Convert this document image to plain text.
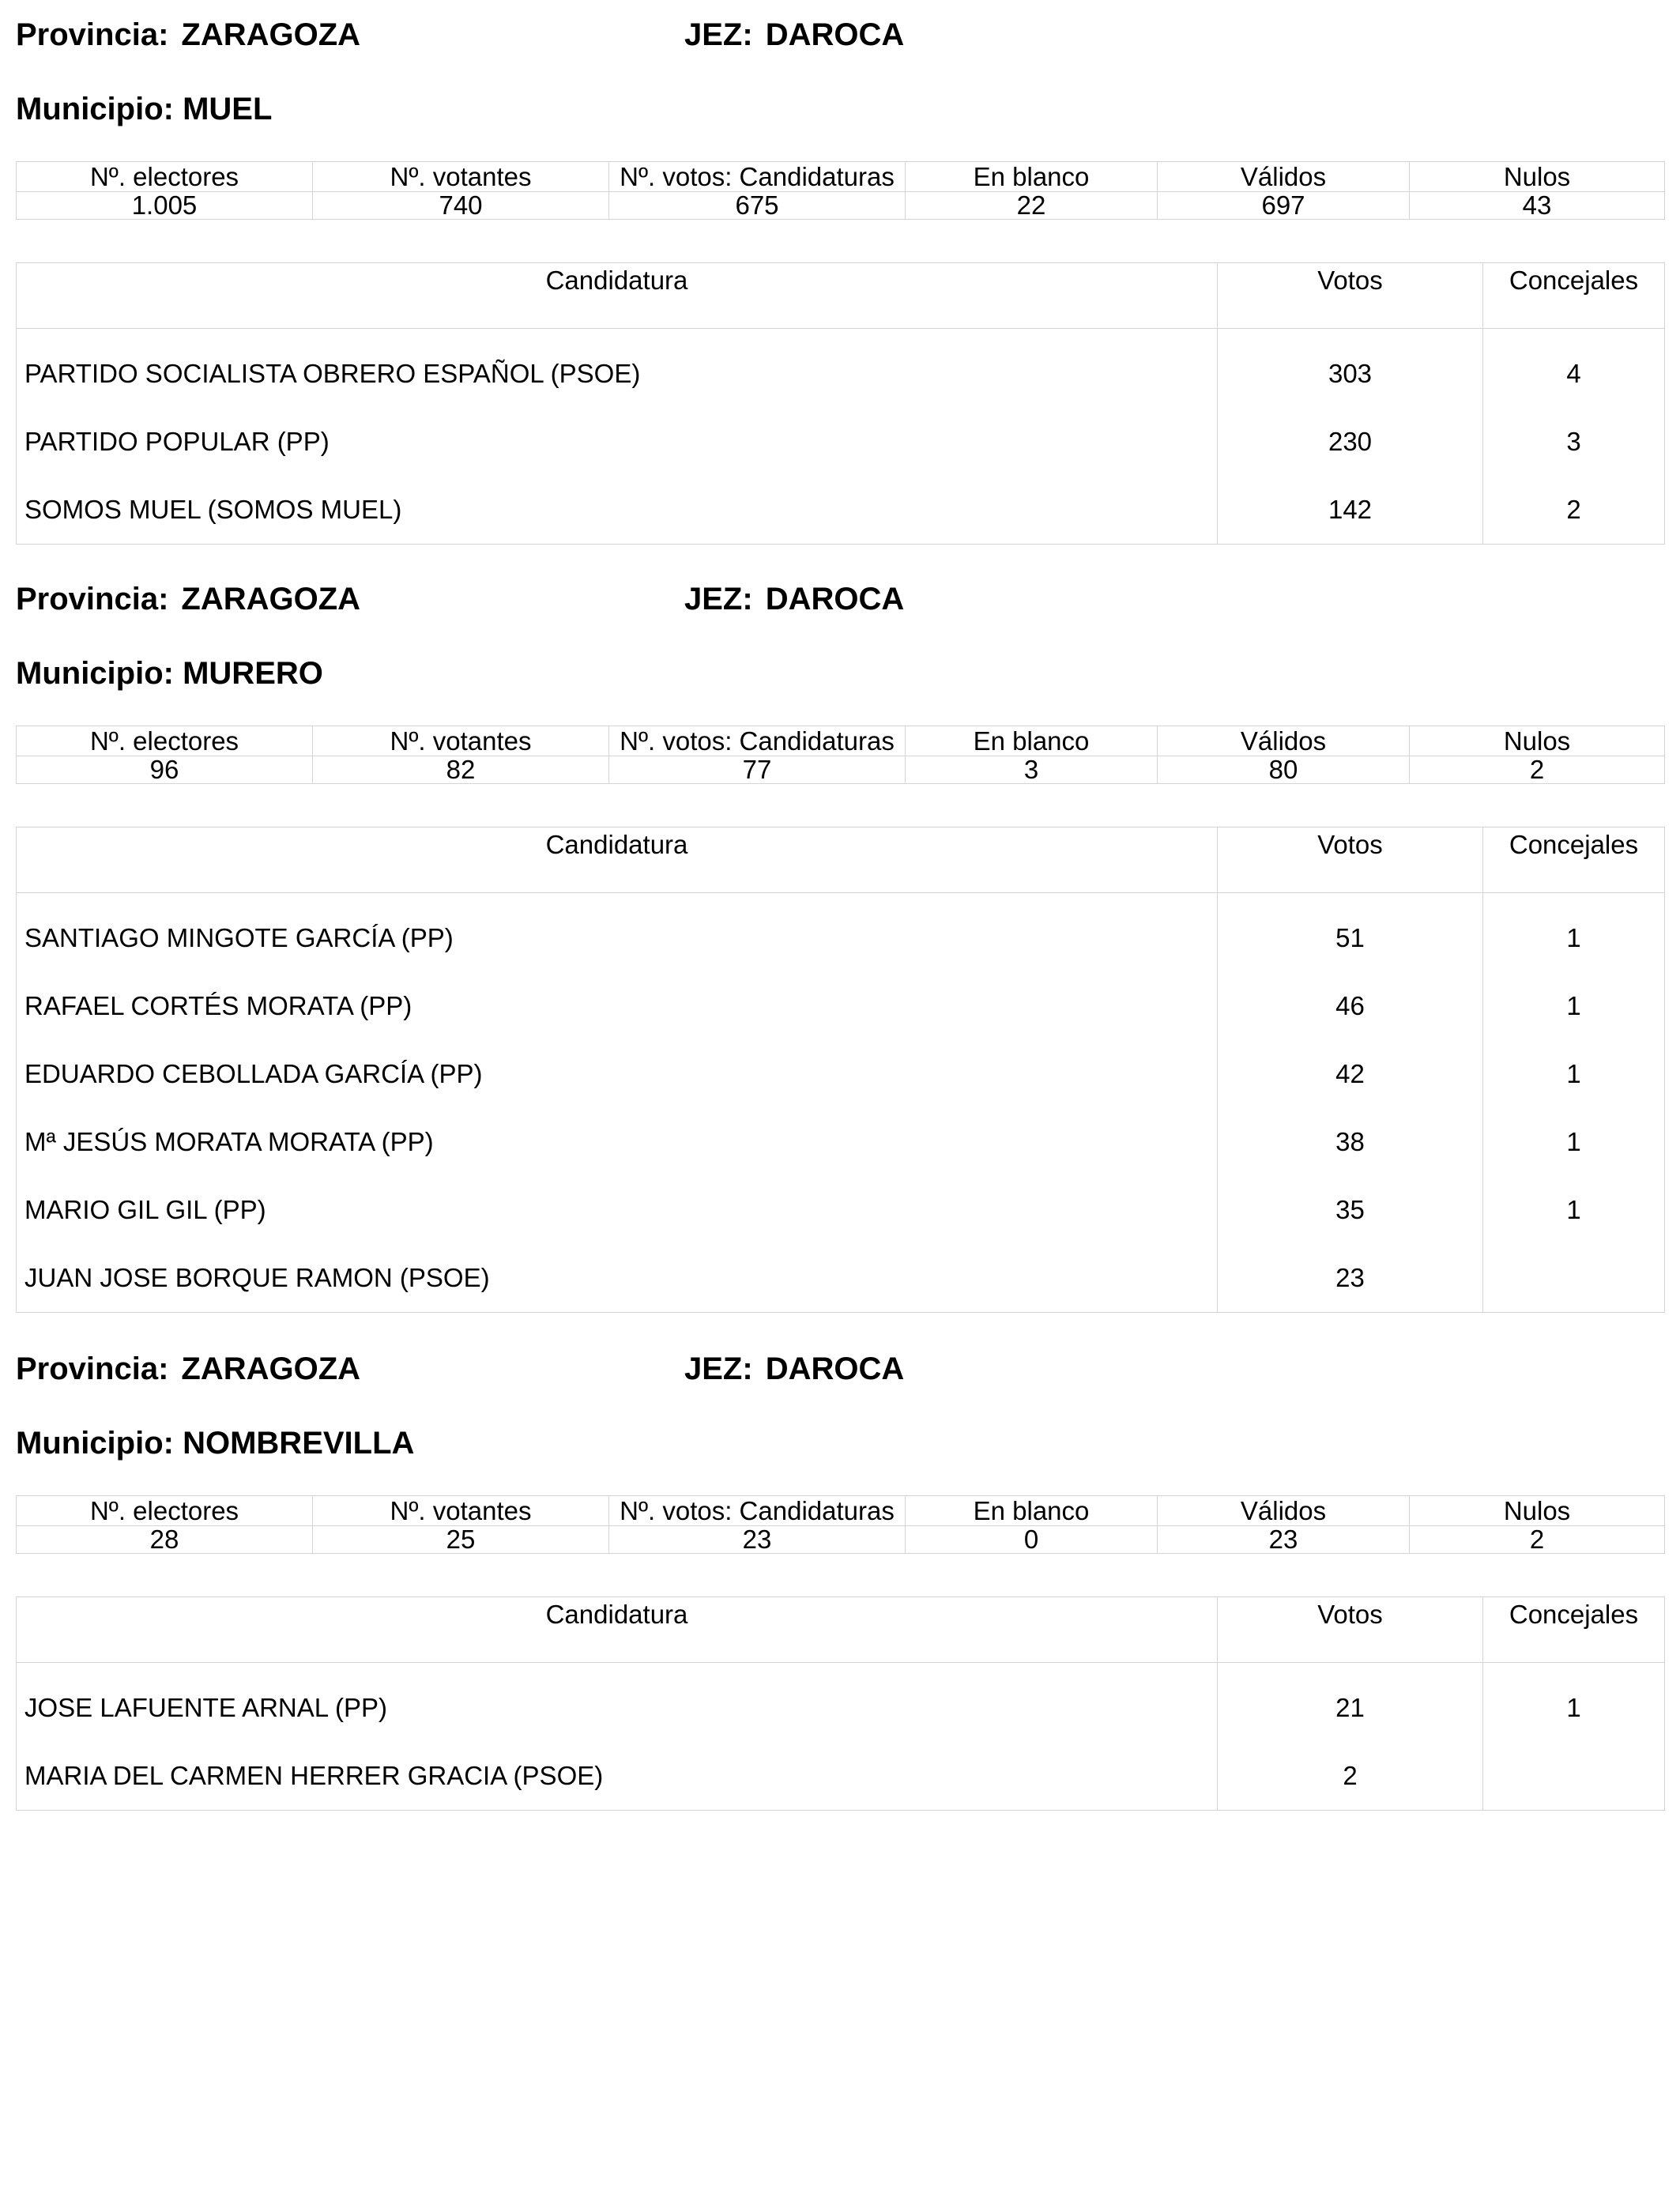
Provincia: ZARAGOZA	JEZ: DAROCA
Municipio: MUEL
Nº. electores	Nº. votantes	Nº. votos: Candidaturas	En blanco	Válidos	Nulos
1.005	740	675	22	697	43
Candidatura	Votos	Concejales
PARTIDO SOCIALISTA OBRERO ESPAÑOL (PSOE)	303	4
PARTIDO POPULAR (PP)	230	3
SOMOS MUEL (SOMOS MUEL)	142	2
Provincia: ZARAGOZA	JEZ: DAROCA
Municipio: MURERO
Nº. electores	Nº. votantes	Nº. votos: Candidaturas	En blanco	Válidos	Nulos
96	82	77	3	80	2
Candidatura	Votos	Concejales
SANTIAGO MINGOTE GARCÍA (PP)	51	1
RAFAEL CORTÉS MORATA (PP)	46	1
EDUARDO CEBOLLADA GARCÍA (PP)	42	1
Mª JESÚS MORATA MORATA (PP)	38	1
MARIO GIL GIL (PP)	35	1
JUAN JOSE BORQUE RAMON (PSOE)	23	
Provincia: ZARAGOZA	JEZ: DAROCA
Municipio: NOMBREVILLA
Nº. electores	Nº. votantes	Nº. votos: Candidaturas	En blanco	Válidos	Nulos
28	25	23	0	23	2
Candidatura	Votos	Concejales
JOSE LAFUENTE ARNAL (PP)	21	1
MARIA DEL CARMEN HERRER GRACIA (PSOE)	2	
